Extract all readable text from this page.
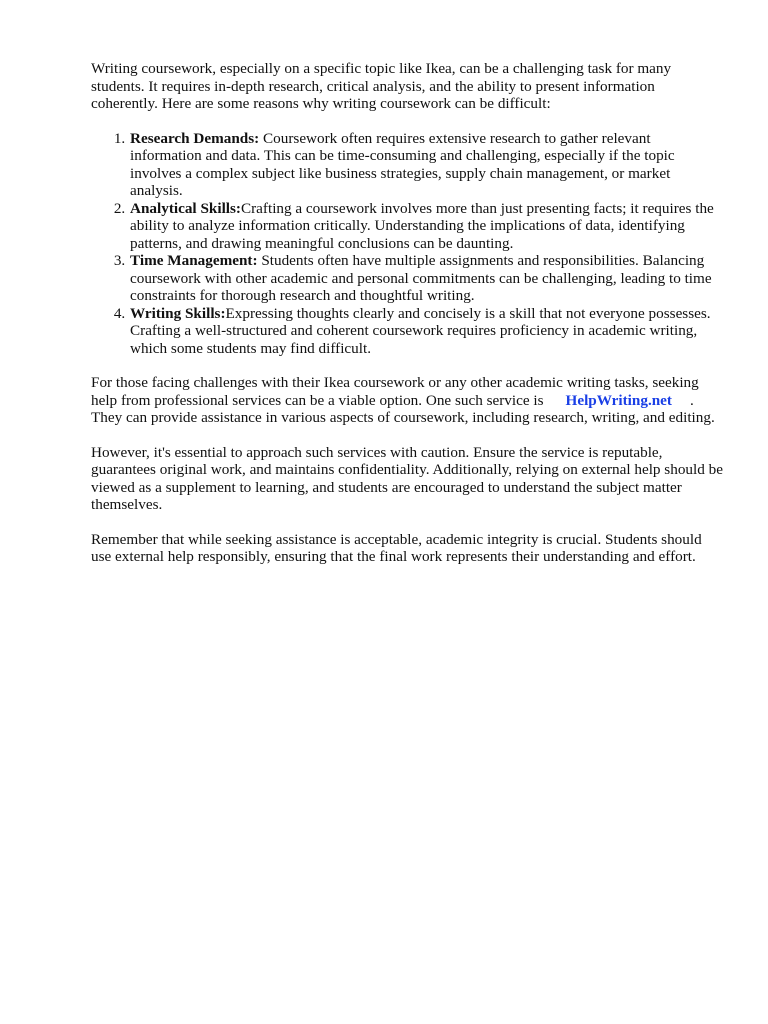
Writing coursework, especially on a specific topic like Ikea, can be a challenging task for many students. It requires in-depth research, critical analysis, and the ability to present information coherently. Here are some reasons why writing coursework can be difficult:

1. Research Demands: Coursework often requires extensive research to gather relevant information and data. This can be time-consuming and challenging, especially if the topic involves a complex subject like business strategies, supply chain management, or market analysis.
2. Analytical Skills:Crafting a coursework involves more than just presenting facts; it requires the ability to analyze information critically. Understanding the implications of data, identifying patterns, and drawing meaningful conclusions can be daunting.
3. Time Management: Students often have multiple assignments and responsibilities. Balancing coursework with other academic and personal commitments can be challenging, leading to time constraints for thorough research and thoughtful writing.
4. Writing Skills:Expressing thoughts clearly and concisely is a skill that not everyone possesses. Crafting a well-structured and coherent coursework requires proficiency in academic writing, which some students may find difficult.

For those facing challenges with their Ikea coursework or any other academic writing tasks, seeking help from professional services can be a viable option. One such service is HelpWriting.net . They can provide assistance in various aspects of coursework, including research, writing, and editing.

However, it's essential to approach such services with caution. Ensure the service is reputable, guarantees original work, and maintains confidentiality. Additionally, relying on external help should be viewed as a supplement to learning, and students are encouraged to understand the subject matter themselves.

Remember that while seeking assistance is acceptable, academic integrity is crucial. Students should use external help responsibly, ensuring that the final work represents their understanding and effort.
